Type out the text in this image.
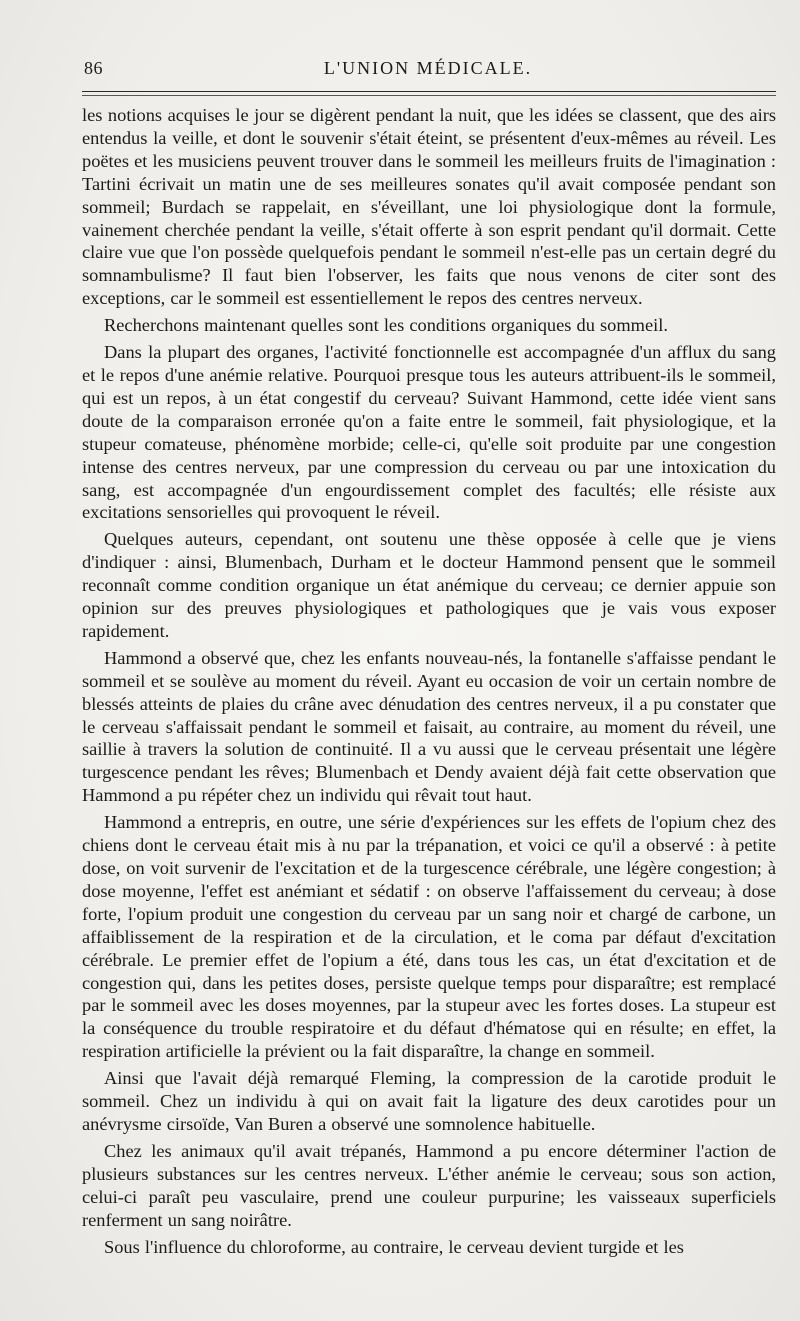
86	L'UNION MÉDICALE.

les notions acquises le jour se digèrent pendant la nuit, que les idées se classent, que des airs entendus la veille, et dont le souvenir s'était éteint, se présentent d'eux-mêmes au réveil. Les poëtes et les musiciens peuvent trouver dans le sommeil les meilleurs fruits de l'imagination : Tartini écrivait un matin une de ses meilleures sonates qu'il avait composée pendant son sommeil; Burdach se rappelait, en s'éveillant, une loi physiologique dont la formule, vainement cherchée pendant la veille, s'était offerte à son esprit pendant qu'il dormait. Cette claire vue que l'on possède quelquefois pendant le sommeil n'est-elle pas un certain degré du somnambulisme? Il faut bien l'observer, les faits que nous venons de citer sont des exceptions, car le sommeil est essentiellement le repos des centres nerveux.

Recherchons maintenant quelles sont les conditions organiques du sommeil.

Dans la plupart des organes, l'activité fonctionnelle est accompagnée d'un afflux du sang et le repos d'une anémie relative. Pourquoi presque tous les auteurs attribuent-ils le sommeil, qui est un repos, à un état congestif du cerveau? Suivant Hammond, cette idée vient sans doute de la comparaison erronée qu'on a faite entre le sommeil, fait physiologique, et la stupeur comateuse, phénomène morbide; celle-ci, qu'elle soit produite par une congestion intense des centres nerveux, par une compression du cerveau ou par une intoxication du sang, est accompagnée d'un engourdissement complet des facultés; elle résiste aux excitations sensorielles qui provoquent le réveil.

Quelques auteurs, cependant, ont soutenu une thèse opposée à celle que je viens d'indiquer : ainsi, Blumenbach, Durham et le docteur Hammond pensent que le sommeil reconnaît comme condition organique un état anémique du cerveau; ce dernier appuie son opinion sur des preuves physiologiques et pathologiques que je vais vous exposer rapidement.

Hammond a observé que, chez les enfants nouveau-nés, la fontanelle s'affaisse pendant le sommeil et se soulève au moment du réveil. Ayant eu occasion de voir un certain nombre de blessés atteints de plaies du crâne avec dénudation des centres nerveux, il a pu constater que le cerveau s'affaissait pendant le sommeil et faisait, au contraire, au moment du réveil, une saillie à travers la solution de continuité. Il a vu aussi que le cerveau présentait une légère turgescence pendant les rêves; Blumenbach et Dendy avaient déjà fait cette observation que Hammond a pu répéter chez un individu qui rêvait tout haut.

Hammond a entrepris, en outre, une série d'expériences sur les effets de l'opium chez des chiens dont le cerveau était mis à nu par la trépanation, et voici ce qu'il a observé : à petite dose, on voit survenir de l'excitation et de la turgescence cérébrale, une légère congestion; à dose moyenne, l'effet est anémiant et sédatif : on observe l'affaissement du cerveau; à dose forte, l'opium produit une congestion du cerveau par un sang noir et chargé de carbone, un affaiblissement de la respiration et de la circulation, et le coma par défaut d'excitation cérébrale. Le premier effet de l'opium a été, dans tous les cas, un état d'excitation et de congestion qui, dans les petites doses, persiste quelque temps pour disparaître; est remplacé par le sommeil avec les doses moyennes, par la stupeur avec les fortes doses. La stupeur est la conséquence du trouble respiratoire et du défaut d'hématose qui en résulte; en effet, la respiration artificielle la prévient ou la fait disparaître, la change en sommeil.

Ainsi que l'avait déjà remarqué Fleming, la compression de la carotide produit le sommeil. Chez un individu à qui on avait fait la ligature des deux carotides pour un anévrysme cirsoïde, Van Buren a observé une somnolence habituelle.

Chez les animaux qu'il avait trépanés, Hammond a pu encore déterminer l'action de plusieurs substances sur les centres nerveux. L'éther anémie le cerveau; sous son action, celui-ci paraît peu vasculaire, prend une couleur purpurine; les vaisseaux superficiels renferment un sang noirâtre.

Sous l'influence du chloroforme, au contraire, le cerveau devient turgide et les
